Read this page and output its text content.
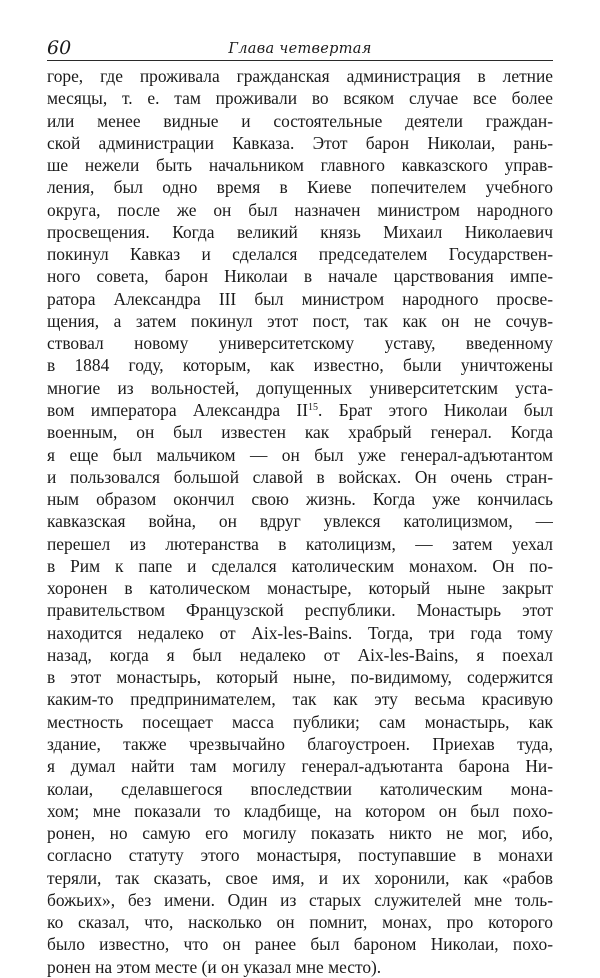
60	Глава четвертая
горе, где проживала гражданская администрация в летние
месяцы, т. е. там проживали во всяком случае все более
или менее видные и состоятельные деятели граждан-
ской администрации Кавказа. Этот барон Николаи, рань-
ше нежели быть начальником главного кавказского управ-
ления, был одно время в Киеве попечителем учебного
округа, после же он был назначен министром народного
просвещения. Когда великий князь Михаил Николаевич
покинул Кавказ и сделался председателем Государствен-
ного совета, барон Николаи в начале царствования импе-
ратора Александра III был министром народного просве-
щения, а затем покинул этот пост, так как он не сочув-
ствовал новому университетскому уставу, введенному
в 1884 году, которым, как известно, были уничтожены
многие из вольностей, допущенных университетским уста-
вом императора Александра II$^{15}$. Брат этого Николаи был
военным, он был известен как храбрый генерал. Когда
я еще был мальчиком — он был уже генерал-адъютантом
и пользовался большой славой в войсках. Он очень стран-
ным образом окончил свою жизнь. Когда уже кончилась
кавказская война, он вдруг увлекся католицизмом, —
перешел из лютеранства в католицизм, — затем уехал
в Рим к папе и сделался католическим монахом. Он по-
хоронен в католическом монастыре, который ныне закрыт
правительством Французской республики. Монастырь этот
находится недалеко от Aix-les-Bains. Тогда, три года тому
назад, когда я был недалеко от Aix-les-Bains, я поехал
в этот монастырь, который ныне, по-видимому, содержится
каким-то предпринимателем, так как эту весьма красивую
местность посещает масса публики; сам монастырь, как
здание, также чрезвычайно благоустроен. Приехав туда,
я думал найти там могилу генерал-адъютанта барона Ни-
колаи, сделавшегося впоследствии католическим мона-
хом; мне показали то кладбище, на котором он был похо-
ронен, но самую его могилу показать никто не мог, ибо,
согласно статуту этого монастыря, поступавшие в монахи
теряли, так сказать, свое имя, и их хоронили, как «рабов
божьих», без имени. Один из старых служителей мне толь-
ко сказал, что, насколько он помнит, монах, про которого
было известно, что он ранее был бароном Николаи, похо-
ронен на этом месте (и он указал мне место).
